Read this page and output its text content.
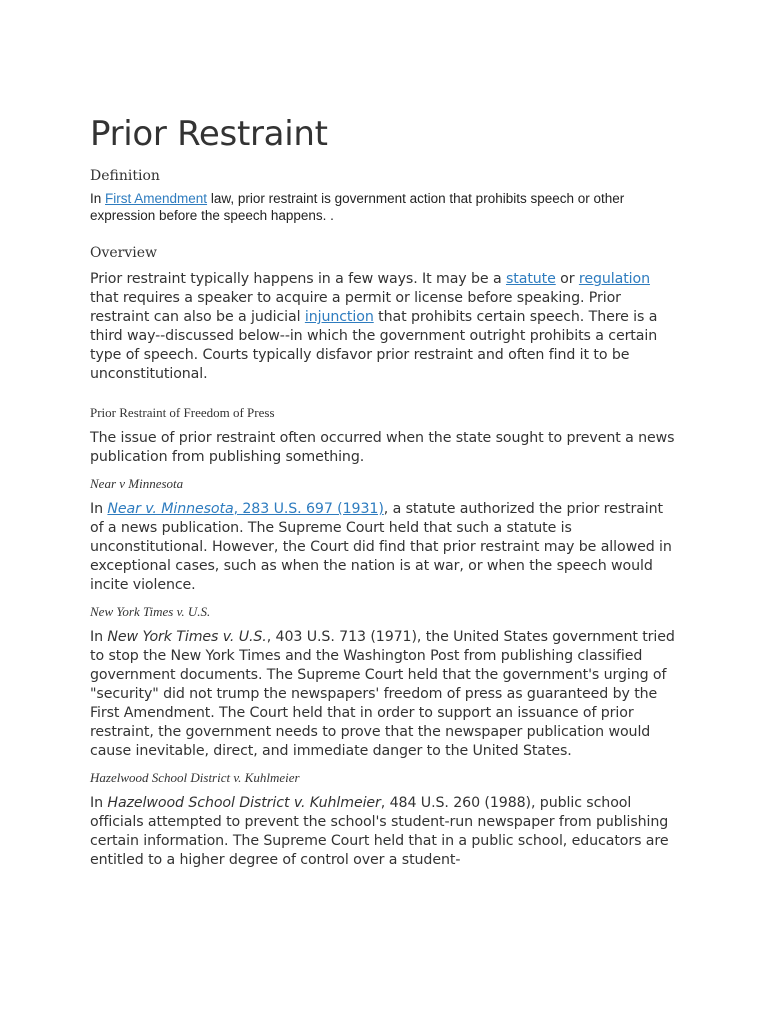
Prior Restraint
Definition

In First Amendment law, prior restraint is government action that prohibits speech or other expression before the speech happens. .

Overview

Prior restraint typically happens in a few ways. It may be a statute or regulation that requires a speaker to acquire a permit or license before speaking. Prior restraint can also be a judicial injunction that prohibits certain speech. There is a third way--discussed below--in which the government outright prohibits a certain type of speech. Courts typically disfavor prior restraint and often find it to be unconstitutional.

Prior Restraint of Freedom of Press

The issue of prior restraint often occurred when the state sought to prevent a news publication from publishing something.

Near v Minnesota

In Near v. Minnesota, 283 U.S. 697 (1931), a statute authorized the prior restraint of a news publication. The Supreme Court held that such a statute is unconstitutional. However, the Court did find that prior restraint may be allowed in exceptional cases, such as when the nation is at war, or when the speech would incite violence.

New York Times v. U.S.

In New York Times v. U.S., 403 U.S. 713 (1971), the United States government tried to stop the New York Times and the Washington Post from publishing classified government documents. The Supreme Court held that the government's urging of "security" did not trump the newspapers' freedom of press as guaranteed by the First Amendment. The Court held that in order to support an issuance of prior restraint, the government needs to prove that the newspaper publication would cause inevitable, direct, and immediate danger to the United States.

Hazelwood School District v. Kuhlmeier

In Hazelwood School District v. Kuhlmeier, 484 U.S. 260 (1988), public school officials attempted to prevent the school's student-run newspaper from publishing certain information. The Supreme Court held that in a public school, educators are entitled to a higher degree of control over a student-
